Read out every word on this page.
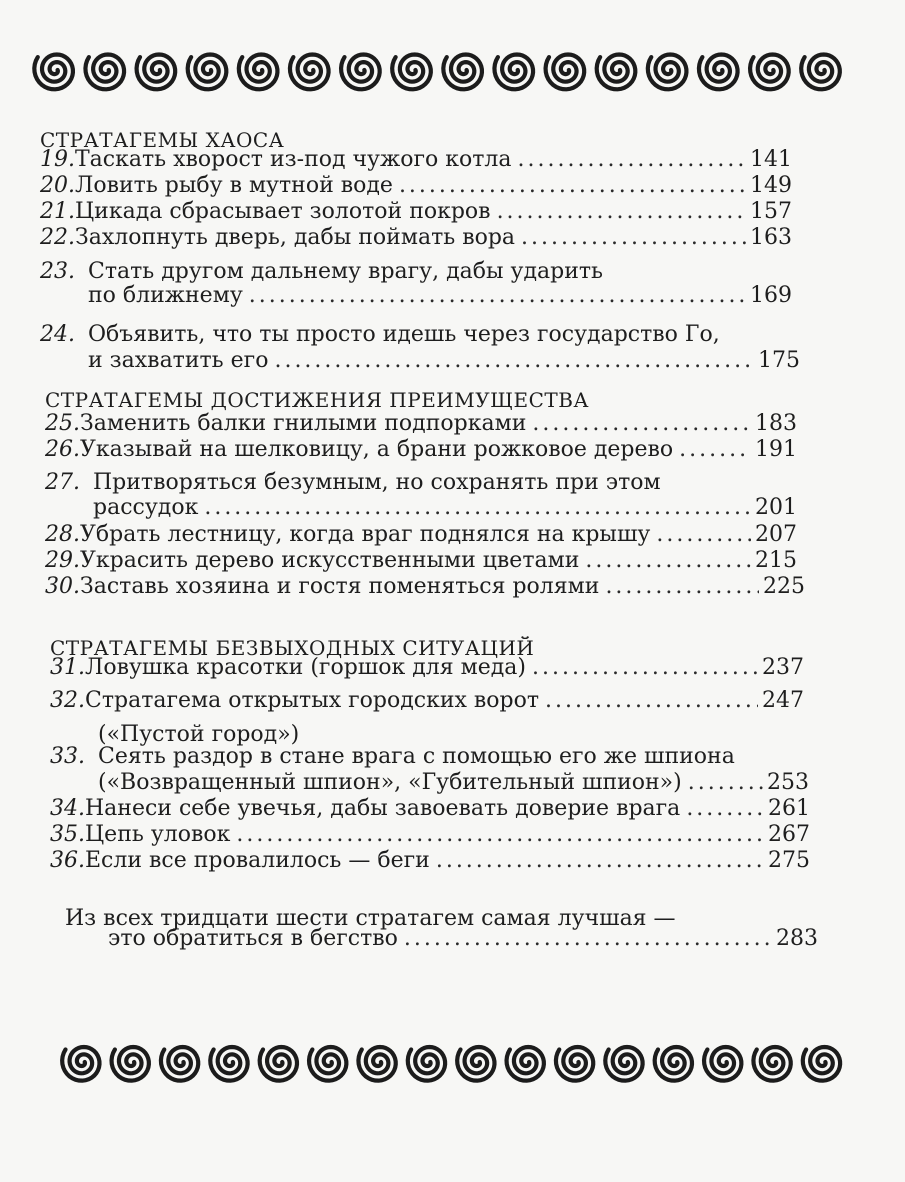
СТРАТАГЕМЫ ХАОСА
19. Таскать хворост из-под чужого котла .....	141
20. Ловить рыбу в мутной воде .....	149
21. Цикада сбрасывает золотой покров .....	157
22. Захлопнуть дверь, дабы поймать вора .....	163
23. Стать другом дальнему врагу, дабы ударить
по ближнему .....	169
24. Объявить, что ты просто идешь через государство Го,
и захватить его .....	175
СТРАТАГЕМЫ ДОСТИЖЕНИЯ ПРЕИМУЩЕСТВА
25. Заменить балки гнилыми подпорками .....	183
26. Указывай на шелковицу, а брани рожковое дерево .....	191
27. Притворяться безумным, но сохранять при этом
рассудок .....	201
28. Убрать лестницу, когда враг поднялся на крышу .....	207
29. Украсить дерево искусственными цветами .....	215
30. Заставь хозяина и гостя поменяться ролями .....	225
СТРАТАГЕМЫ БЕЗВЫХОДНЫХ СИТУАЦИЙ
31. Ловушка красотки (горшок для меда) .....	237
32. Стратагема открытых городских ворот .....	247
(«Пустой город»)
33. Сеять раздор в стане врага с помощью его же шпиона
(«Возвращенный шпион», «Губительный шпион») .....	253
34. Нанеси себе увечья, дабы завоевать доверие врага .....	261
35. Цепь уловок .....	267
36. Если все провалилось — беги .....	275
Из всех тридцати шести стратагем самая лучшая —
это обратиться в бегство .....	283
